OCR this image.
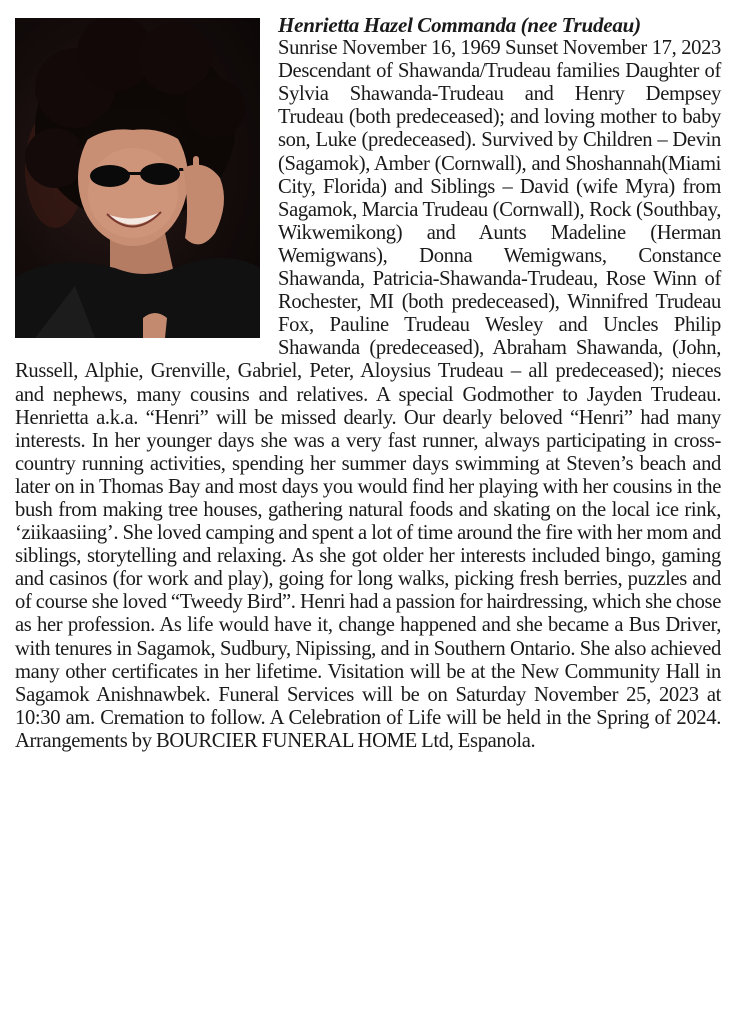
Henrietta Hazel Commanda (nee Trudeau)
Sunrise November 16, 1969 Sunset November 17, 2023 Descendant of Shawanda/Trudeau families Daughter of Sylvia Shawanda-Trudeau and Henry Dempsey Trudeau (both predeceased); and loving mother to baby son, Luke (predeceased). Survived by Children – Devin (Sagamok), Amber (Cornwall), and Shoshannah(Miami City, Florida) and Siblings – David (wife Myra) from Sagamok, Marcia Trudeau (Cornwall), Rock (Southbay, Wikwemikong) and Aunts Madeline (Herman Wemigwans), Donna Wemigwans, Constance Shawanda, Patricia-Shawanda-Trudeau, Rose Winn of Rochester, MI (both predeceased), Winnifred Trudeau Fox, Pauline Trudeau Wesley and Uncles Philip Shawanda (predeceased), Abraham Shawanda, (John, Russell, Alphie, Grenville, Gabriel, Peter, Aloysius Trudeau – all predeceased); nieces and nephews, many cousins and relatives. A special Godmother to Jayden Trudeau. Henrietta a.k.a. “Henri” will be missed dearly. Our dearly beloved “Henri” had many interests. In her younger days she was a very fast runner, always participating in cross-country running activities, spending her summer days swimming at Steven’s beach and later on in Thomas Bay and most days you would find her playing with her cousins in the bush from making tree houses, gathering natural foods and skating on the local ice rink, ‘ziikaasiing’. She loved camping and spent a lot of time around the fire with her mom and siblings, storytelling and relaxing. As she got older her interests included bingo, gaming and casinos (for work and play), going for long walks, picking fresh berries, puzzles and of course she loved “Tweedy Bird”. Henri had a passion for hairdressing, which she chose as her profession. As life would have it, change happened and she became a Bus Driver, with tenures in Sagamok, Sudbury, Nipissing, and in Southern Ontario. She also achieved many other certificates in her lifetime. Visitation will be at the New Community Hall in Sagamok Anishnawbek. Funeral Services will be on Saturday November 25, 2023 at 10:30 am. Cremation to follow. A Celebration of Life will be held in the Spring of 2024. Arrangements by BOURCIER FUNERAL HOME Ltd, Espanola.
